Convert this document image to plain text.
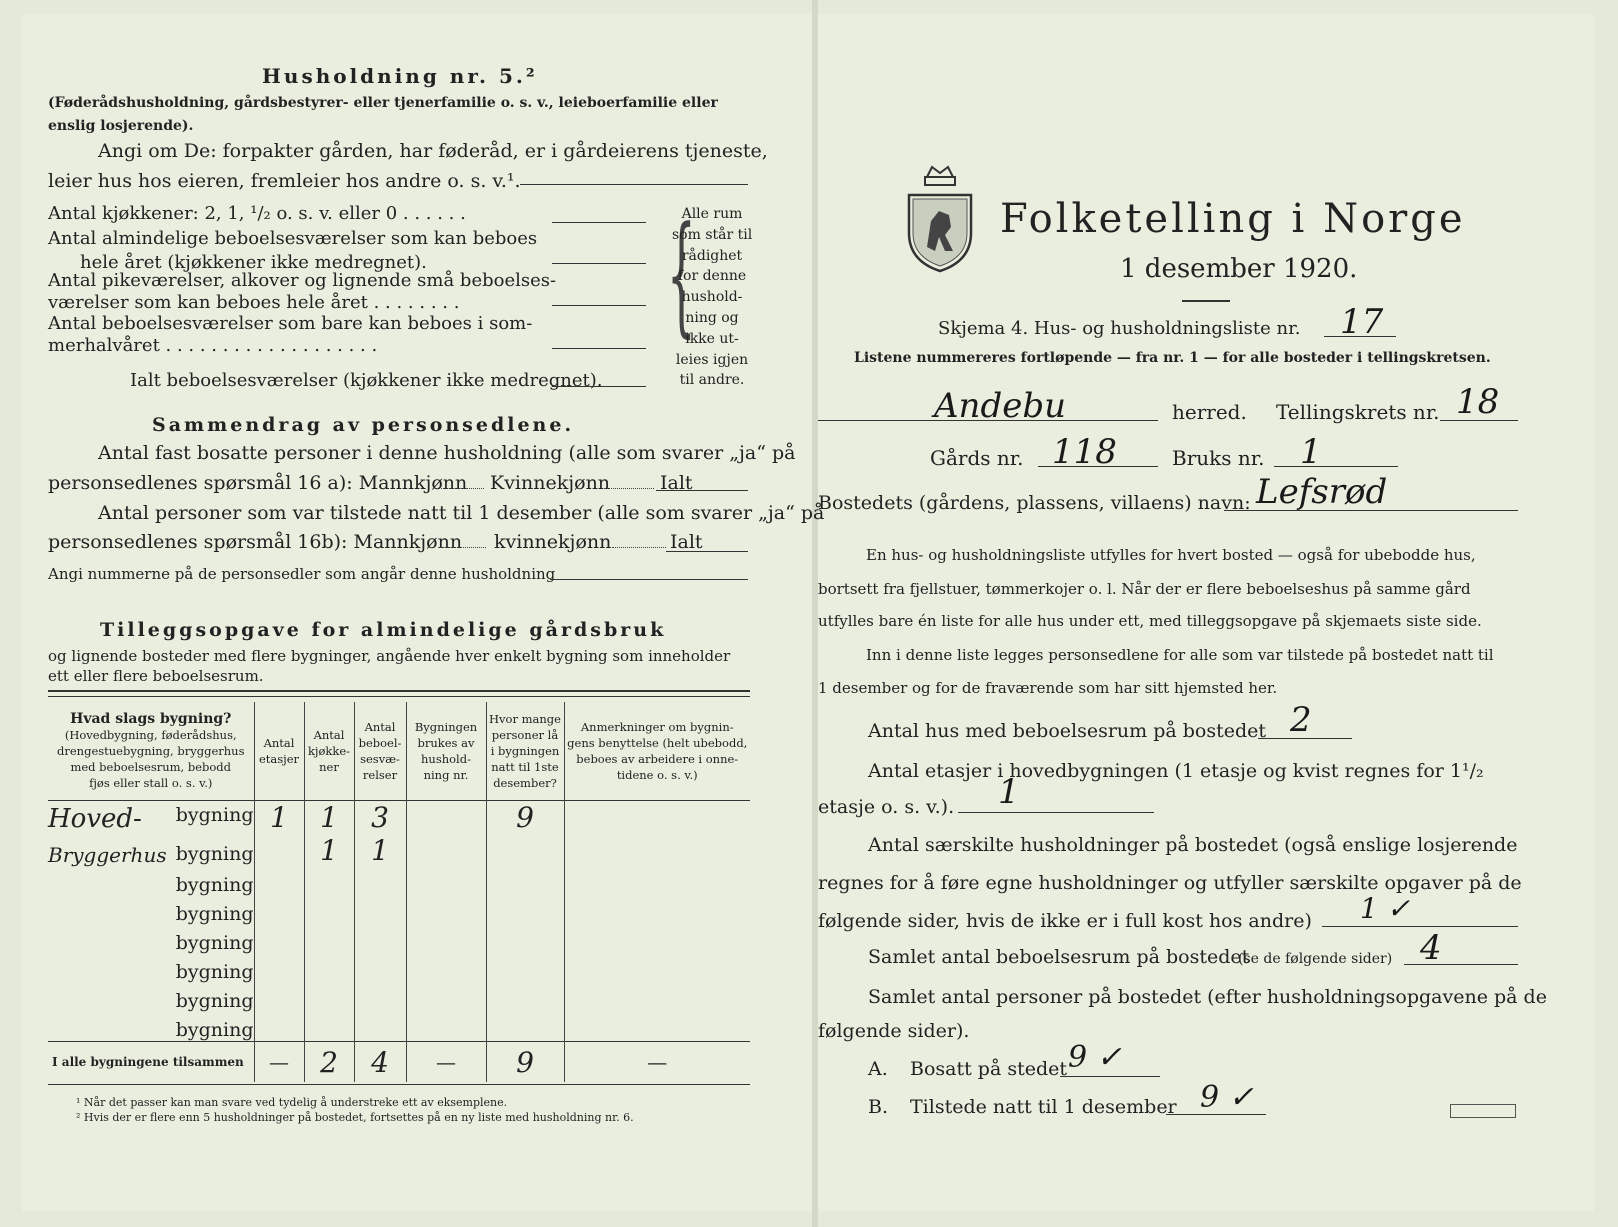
Husholdning nr. 5.²
(Føderådshusholdning, gårdsbestyrer- eller tjenerfamilie o. s. v., leieboerfamilie eller
enslig losjerende).
Angi om De: forpakter gården, har føderåd, er i gårdeierens tjeneste,
leier hus hos eieren, fremleier hos andre o. s. v.¹.
Antal kjøkkener: 2, 1, ¹/₂ o. s. v. eller 0 . . . . . .
Antal almindelige beboelsesværelser som kan beboes
hele året (kjøkkener ikke medregnet).
Antal pikeværelser, alkover og lignende små beboelses-
værelser som kan beboes hele året . . . . . . . .
Antal beboelsesværelser som bare kan beboes i som-
merhalvåret . . . . . . . . . . . . . . . . . . .
Ialt beboelsesværelser (kjøkkener ikke medregnet).
{
Alle rum
som står til
rådighet
for denne
hushold-
ning og
ikke ut-
leies igjen
til andre.
Sammendrag av personsedlene.
Antal fast bosatte personer i denne husholdning (alle som svarer „ja“ på
personsedlenes spørsmål 16 a): Mannkjønn Kvinnekjønn	Ialt
Antal personer som var tilstede natt til 1 desember (alle som svarer „ja“ på
personsedlenes spørsmål 16b): Mannkjønn kvinnekjønn	Ialt
Angi nummerne på de personsedler som angår denne husholdning
Tilleggsopgave for almindelige gårdsbruk
og lignende bosteder med flere bygninger, angående hver enkelt bygning som inneholder
ett eller flere beboelsesrum.
Hvad slags bygning?
(Hovedbygning, føderådshus,
drengestuebygning, bryggerhus
med beboelsesrum, bebodd
fjøs eller stall o. s. v.)	Antal
etasjer	Antal
kjøkke-
ner	Antal
beboel-
sesvæ-
relser	Bygningen
brukes av
hushold-
ning nr.	Hvor mange
personer lå
i bygningen
natt til 1ste
desember?	Anmerkninger om bygnin-
gens benyttelse (helt ubebodd,
beboes av arbeidere i onne-
tidene o. s. v.)

Hoved- bygning	1	1	3		9	

Bryggerhus bygning		1	1			
bygning						
bygning						
bygning						
bygning						
bygning						
bygning						
I alle bygningene tilsammen	—	2	4	—	9	—
¹ Når det passer kan man svare ved tydelig å understreke ett av eksemplene.
² Hvis der er flere enn 5 husholdninger på bostedet, fortsettes på en ny liste med husholdning nr. 6.
Folketelling i Norge
1 desember 1920.
Skjema 4. Hus- og husholdningsliste nr. 17
Listene nummereres fortløpende — fra nr. 1 — for alle bosteder i tellingskretsen.
Andebu	herred. Tellingskrets nr. 18
Gårds nr. 118	Bruks nr. 1
Bostedets (gårdens, plassens, villaens) navn: Lefsrød
En hus- og husholdningsliste utfylles for hvert bosted — også for ubebodde hus,
bortsett fra fjellstuer, tømmerkojer o. l. Når der er flere beboelseshus på samme gård
utfylles bare én liste for alle hus under ett, med tilleggsopgave på skjemaets siste side.
Inn i denne liste legges personsedlene for alle som var tilstede på bostedet natt til
1 desember og for de fraværende som har sitt hjemsted her.
Antal hus med beboelsesrum på bostedet 2
Antal etasjer i hovedbygningen (1 etasje og kvist regnes for 1¹/₂
etasje o. s. v.). 1
Antal særskilte husholdninger på bostedet (også enslige losjerende
regnes for å føre egne husholdninger og utfyller særskilte opgaver på de
følgende sider, hvis de ikke er i full kost hos andre) 1 ✓
Samlet antal beboelsesrum på bostedet
(se de følgende sider) 4
Samlet antal personer på bostedet (efter husholdningsopgavene på de
følgende sider).
A. Bosatt på stedet 9 ✓
B. Tilstede natt til 1 desember 9 ✓
